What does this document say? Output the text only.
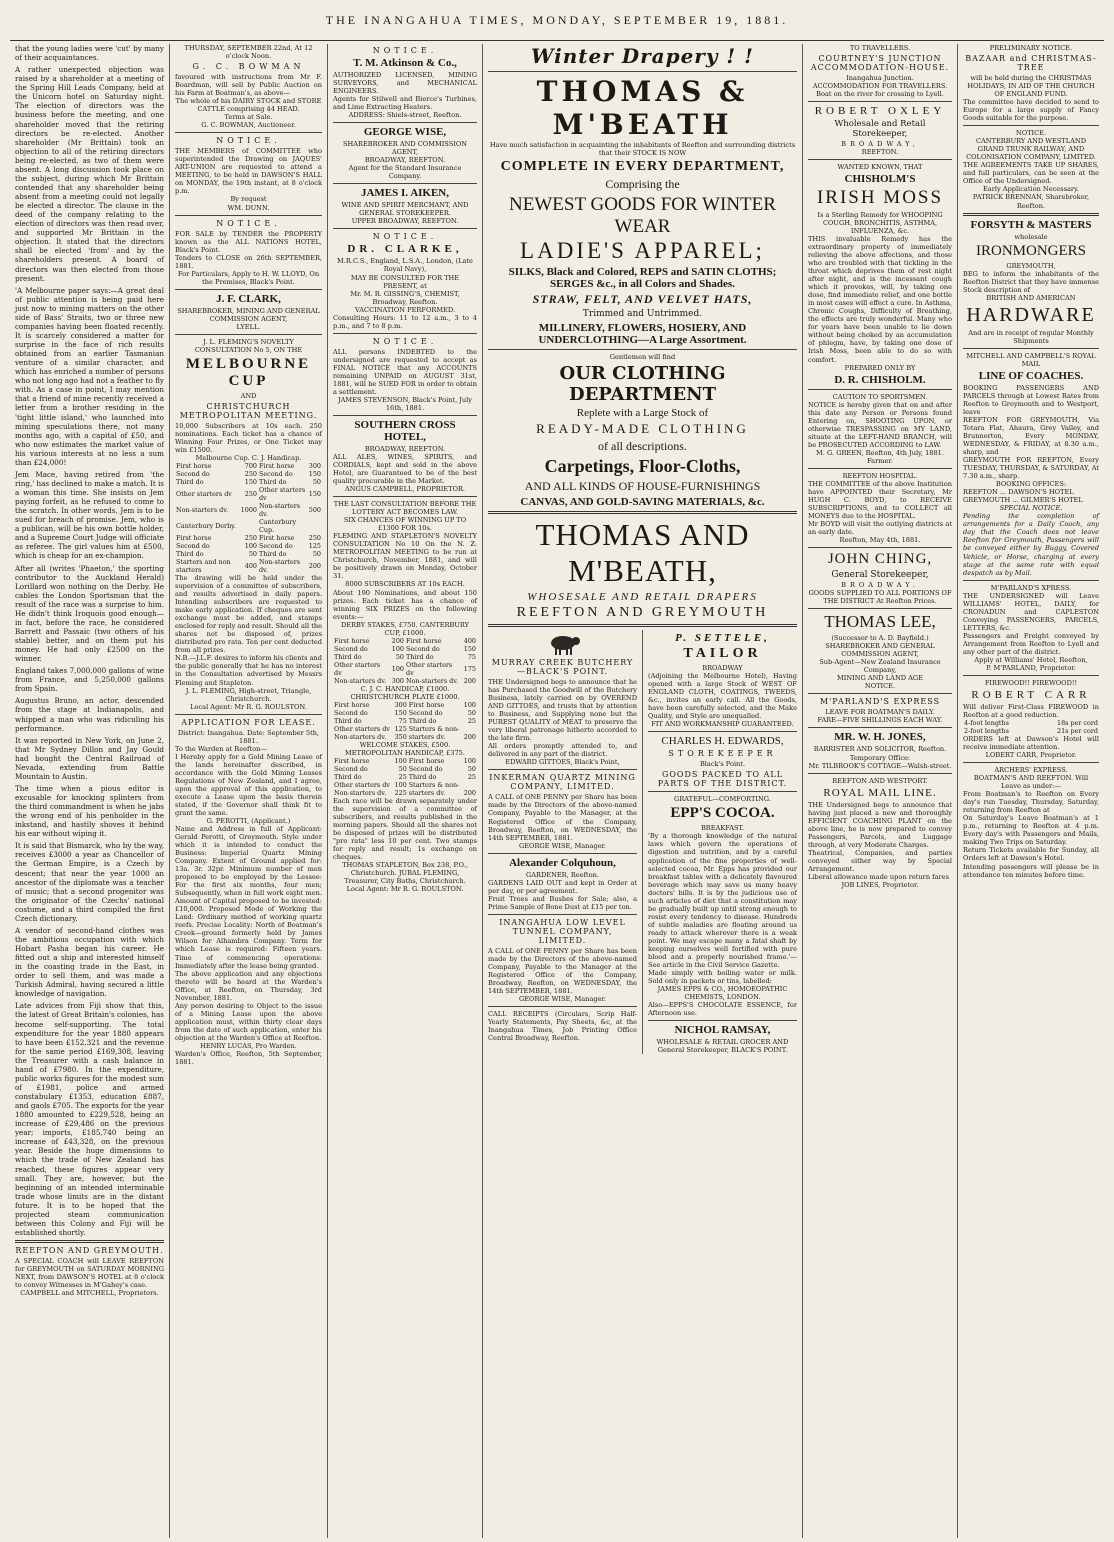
THE INANGAHUA TIMES, MONDAY, SEPTEMBER 19, 1881.

that the young ladies were 'cut' by many of their acquaintances.

A rather unexpected objection was raised by a shareholder at a meeting of the Spring Hill Leads Company, held at the Unicorn hotel on Saturday night. The election of directors was the business before the meeting, and one shareholder moved that the retiring directors be re-elected. Another shareholder (Mr Brittain) took an objection to all of the retiring directors being re-elected, as two of them were absent. A long discussion took place on the subject, during which Mr Brittain contended that any shareholder being absent from a meeting could not legally be elected a director. The clause in the deed of the company relating to the election of directors was then read over, and supported Mr Brittain in the objection. It stated that the directors shall be elected 'from' and by the shareholders present. A board of directors was then elected from those present.

'A Melbourne paper says:—A great deal of public attention is being paid here just now to mining matters on the other side of Bass' Straits, two or three new companies having been floated recently. It is scarcely considered a matter for surprise in the face of rich results obtained from an earlier Tasmanian venture of a similar character, and which has enriched a number of persons who not long ago had not a feather to fly with. As a case in point, I may mention that a friend of mine recently received a letter from a brother residing in the 'tight little island,' who launched into mining speculations there, not many months ago, with a capital of £50, and who now estimates the market value of his various interests at no less a sum than £24,000!

Jem Mace, having retired from 'the ring,' has declined to make a match. It is a woman this time. She insists on Jem paying forfeit, as he refused to come to the scratch. In other words, Jem is to be sued for breach of promise. Jem, who is a publican, will be his own bottle holder, and a Supreme Court Judge will officiate as referee. The girl values him at £500, which is cheap for an ex-champion.

After all (writes 'Phaeton,' the sporting contributor to the Auckland Herald) Lorillard won nothing on the Derby. He cables the London Sportsman that the result of the race was a surprise to him. He didn't think Iroquois good enough—in fact, before the race, he considered Barrett and Passaic (two others of his stable) better, and on them put his money. He had only £2500 on the winner.

England takes 7,000,000 gallons of wine from France, and 5,250,000 gallons from Spain.

Augustus Bruno, an actor, descended from the stage at Indianapolis, and whipped a man who was ridiculing his performance.

It was reported in New York, on June 2, that Mr Sydney Dillon and Jay Gould had bought the Central Railroad of Nevada, extending from Battle Mountain to Austin.

The time when a pious editor is excusable for knocking splinters from the third commandment is when he jabs the wrong end of his penholder in the inkstand, and hastily shoves it behind his ear without wiping it.

It is said that Bismarck, who by the way, receives £3000 a year as Chancellor of the German Empire, is a Czech by descent; that near the year 1000 an ancestor of the diplomate was a teacher of music; that a second progenitor was the originator of the Czechs' national costume, and a third compiled the first Czech dictionary.

A vendor of second-hand clothes was the ambitious occupation with which Hobart Pasha began his career. He fitted out a ship and interested himself in the coasting trade in the East, in order to sell them, and was made a Turkish Admiral, having secured a little knowledge of navigation.

Late advices from Fiji show that this, the latest of Great Britain's colonies, has become self-supporting. The total expenditure for the year 1880 appears to have been £152,321 and the revenue for the same period £169,308, leaving the Treasurer with a cash balance in hand of £7980. In the expenditure, public works figures for the modest sum of £1981, police and armed constabulary £1353, education £887, and gaols £705. The exports for the year 1880 amounted to £229,528, being an increase of £29,486 on the previous year; imports, £185,740 being an increase of £43,328, on the previous year. Beside the huge dimensions to which the trade of New Zealand has reached, these figures appear very small. They are, however, but the beginning of an intended interminable trade whose limits are in the distant future. It is to be hoped that the projected steam communication between this Colony and Fiji will be established shortly.

REEFTON AND GREYMOUTH.

A SPECIAL COACH will LEAVE REEFTON for GREYMOUTH on SATURDAY MORNING NEXT, from DAWSON'S HOTEL at 8 o'clock to convey Witnesses in M'Gahey's case.

CAMPBELL and MITCHELL, Proprietors.

THURSDAY, SEPTEMBER 22nd, At 12 o'clock Noon.

G. C. BOWMAN

favoured with instructions from Mr F. Boardman, will sell by Public Auction on his Farm at Boatman's, as above—

The whole of his DAIRY STOCK and STORE CATTLE comprising 44 HEAD.

Terms at Sale.

G. C. BOWMAN, Auctioneer.

NOTICE.

THE MEMBERS of COMMITTEE who superintended the Drawing on JAQUES' ART-UNION are requested to attend a MEETING, to be held in DAWSON'S HALL on MONDAY, the 19th instant, at 8 o'clock p.m.

By request

WM. DUNN.

NOTICE.

FOR SALE by TENDER the PROPERTY known as the ALL NATIONS HOTEL, Black's Point.

Tenders to CLOSE on 26th SEPTEMBER, 1881.

For Particulars, Apply to H. W. LLOYD, On the Premises, Black's Point.

J. F. CLARK,

SHAREBROKER, MINING AND GENERAL COMMISSION AGENT,

LYELL.

J. L. FLEMING'S NOVELTY CONSULTATION No 5, ON THE

MELBOURNE CUP

AND

CHRISTCHURCH METROPOLITAN MEETING.

10,000 Subscribers at 10s each. 250 nominations. Each ticket has a chance of Winning Four Prizes, or One Ticket may win £1500.

Melbourne Cup. C. J. Handicap.

First horse	700	First horse	300
Second do	250	Second do	150
Third do	150	Third do	50
Other starters dv	250	Other starters dv	150
Non-starters dv.	1000	Non-starters dv.	500
Canterbury Derby.		Canterbury Cup.	
First horse	250	First horse	250
Second do	100	Second do	125
Third do	50	Third do	50
Starters and non starters	400	Non-starters dv.	200

The drawing will be held under the supervision of a committee of subscribers, and results advertised in daily papers. Intending subscribers are requested to make early application. If cheques are sent exchange must be added, and stamps enclosed for reply and result. Should all the shares not be disposed of, prizes distributed pro rata. Ten per cent deducted from all prizes.

N.B.—J.L.F. desires to inform his clients and the public generally that he has no interest in the Consultation advertised by Messrs Fleming and Stapleton.

J. L. FLEMING, High-street, Triangle, Christchurch.

Local Agent: Mr R. G. ROULSTON.

APPLICATION FOR LEASE.

District: Inangahua. Date: September 5th, 1881.

To the Warden at Reefton—

I Hereby apply for a Gold Mining Lease of the lands hereinafter described, in accordance with the Gold Mining Leases Regulations of New Zealand, and I agree, upon the approval of this application, to execute a Lease upon the basis therein stated, if the Governor shall think fit to grant the same.

G. PEROTTI, (Applicant.)

Name and Address in full of Applicant: Gerald Perotti, of Greymouth. Style under which it is intended to conduct the Business: Imperial Quartz Mining Company. Extent of Ground applied for: 13a. 3r. 32pr. Minimum number of men proposed to be employed by the Lessee: For the first six months, four men; Subsequently, when in full work eight men. Amount of Capital proposed to be invested: £10,000. Proposed Mode of Working the Land: Ordinary method of working quartz reefs. Precise Locality: North of Boatman's Creek—ground formerly held by James Wilson for Alhambra Company. Term for which Lease is required: Fifteen years. Time of commencing operations: Immediately after the lease being granted.

The above application and any objections thereto will be heard at the Warden's Office, at Reefton, on Thursday, 3rd November, 1881.

Any person desiring to Object to the issue of a Mining Lease upon the above application must, within thirty clear days from the date of such application, enter his objection at the Warden's Office at Reefton.

HENRY LUCAS, Pro Warden.

Warden's Office, Reefton, 5th September, 1881.

NOTICE.

T. M. Atkinson & Co.,

AUTHORIZED LICENSED, MINING SURVEYORS, and MECHANICAL ENGINEERS.

Agents for Stilwell and Bierce's Turbines, and Lime Extracting Heaters.

ADDRESS: Shiels-street, Reefton.

GEORGE WISE,

SHAREBROKER AND COMMISSION AGENT,

BROADWAY, REEFTON.

Agent for the Standard Insurance Company.

JAMES I. AIKEN,

WINE AND SPIRIT MERCHANT, AND GENERAL STOREKEEPER.

UPPER BROADWAY, REEFTON.

NOTICE.

DR. CLARKE,

M.R.C.S., England, L.S.A., London, (Late Royal Navy),

MAY BE CONSULTED FOR THE PRESENT, at

Mr. M. R. GISSING'S, CHEMIST, Broadway, Reefton.

VACCINATION PERFORMED.

Consulting Hours: 11 to 12 a.m., 3 to 4 p.m., and 7 to 8 p.m.

NOTICE.

ALL persons INDEBTED to the undersigned are requested to accept as FINAL NOTICE that any ACCOUNTS remaining UNPAID on AUGUST 31st, 1881, will be SUED FOR in order to obtain a settlement.

JAMES STEVENSON, Black's Point, July 16th, 1881.

SOUTHERN CROSS HOTEL,

BROADWAY, REEFTON.

ALL ALES, WINES, SPIRITS, and CORDIALS, kept and sold in the above Hotel, are Guaranteed to be of the best quality procurable in the Market.

ANGUS CAMPBELL, PROPRIETOR.

THE LAST CONSULTATION BEFORE THE LOTTERY ACT BECOMES LAW.

SIX CHANCES OF WINNING UP TO £1300 FOR 10s.

FLEMING AND STAPLETON'S NOVELTY CONSULTATION No 10 On the N. Z. METROPOLITAN MEETING to be run at Christchurch, November, 1881, and will be positively drawn on Monday, October 31.

8000 SUBSCRIBERS AT 10s EACH.

About 190 Nominations, and about 150 prizes. Each ticket has a chance of winning SIX PRIZES on the following events:—

DERBY STAKES, £750. CANTERBURY CUP, £1000.

First horse	200	First horse	400
Second do	100	Second do	150
Third do	50	Third do	75
Other starters dv	100	Other starters dv	175
Non-starters dv.	300	Non-starters dv.	200

C. J. C. HANDICAP, £1000. CHRISTCHURCH PLATE £1000.

First horse	300	First horse	100
Second do	150	Second do	50
Third do	75	Third do	25
Other starters dv	125	Starters & non-	
Non-starters dv.	350	starters dv.	200

WELCOME STAKES, £500. METROPOLITAN HANDICAP, £375.

First horse	100	First horse	100
Second do	50	Second do	50
Third do	25	Third do	25
Other starters dv	100	Starters & non-	
Non-starters dv.	225	starters dv.	200

Each race will be drawn separately under the supervision of a committee of subscribers, and results published in the morning papers. Should all the shares not be disposed of prizes will be distributed "pro rata" less 10 per cent. Two stamps for reply and result; 1s exchange on cheques.

THOMAS STAPLETON, Box 238, P.O., Christchurch. JUBAL FLEMING, Treasurer, City Baths, Christchurch.

Local Agent: Mr R. G. ROULSTON.

Winter Drapery ! !

THOMAS & M'BEATH

Have much satisfaction in acquainting the inhabitants of Reefton and surrounding districts that their STOCK IS NOW

COMPLETE IN EVERY DEPARTMENT,

Comprising the

NEWEST GOODS FOR WINTER WEAR

LADIE'S APPAREL;

SILKS, Black and Colored, REPS and SATIN CLOTHS; SERGES &c., in all Colors and Shades.

STRAW, FELT, AND VELVET HATS,

Trimmed and Untrimmed.

MILLINERY, FLOWERS, HOSIERY, AND UNDERCLOTHING—A Large Assortment.

Gentlemen will find

OUR CLOTHING DEPARTMENT

Replete with a Large Stock of

READY-MADE CLOTHING

of all descriptions.

Carpetings, Floor-Cloths,

AND ALL KINDS OF HOUSE-FURNISHINGS

CANVAS, AND GOLD-SAVING MATERIALS, &c.

THOMAS AND M'BEATH,

WHOSESALE AND RETAIL DRAPERS

REEFTON AND GREYMOUTH

MURRAY CREEK BUTCHERY—BLACK'S POINT.

THE Undersigned begs to announce that he has Purchased the Goodwill of the Butchery Business, lately carried on by OVEREND AND GITTOES, and trusts that by attention to Business, and Supplying none but the PUREST QUALITY of MEAT to preserve the very liberal patronage hitherto accorded to the late firm.

All orders promptly attended to, and delivered in any part of the district.

EDWARD GITTOES, Black's Point,

INKERMAN QUARTZ MINING COMPANY, LIMITED.

A CALL of ONE PENNY per Share has been made by the Directors of the above-named Company, Payable to the Manager, at the Registered Office of the Company, Broadway, Reefton, on WEDNESDAY, the 14th SEPTEMBER, 1881.

GEORGE WISE, Manager.

Alexander Colquhoun,

GARDENER, Reefton.

GARDENS LAID OUT and kept in Order at per day, or per agreement.

Fruit Trees and Bushes for Sale; also, a Prime Sample of Bone Dust at £15 per ton.

INANGAHUA LOW LEVEL TUNNEL COMPANY, LIMITED.

A CALL of ONE PENNY per Share has been made by the Directors of the above-named Company, Payable to the Manager at the Registered Office of the Company, Broadway, Reefton, on WEDNESDAY, the 14th SEPTEMBER, 1881.

GEORGE WISE, Manager.

CALL RECEIPTS (Circulars, Scrip Half-Yearly Statements, Pay Sheets, &c, at the Inangahua Times, Job Printing Office Central Broadway, Reefton.

P. SETTELE,

TAILOR

BROADWAY

(Adjoining the Melbourne Hotel), Having opened with a large Stock of WEST OF ENGLAND CLOTH, COATINGS, TWEEDS, &c., invites an early call. All the Goods, have been carefully selected, and the Make Quality, and Style are unequalled.

FIT AND WORKMANSHIP GUARANTEED.

CHARLES H. EDWARDS,

STOREKEEPER

Black's Point.

GOODS PACKED TO ALL PARTS OF THE DISTRICT.

GRATEFUL—COMFORTING.

EPP'S COCOA.

BREAKFAST.

'By a thorough knowledge of the natural laws which govern the operations of digestion and nutrition, and by a careful application of the fine properties of well-selected cocoa, Mr. Epps has provided our breakfast tables with a delicately flavoured beverage which may save us many heavy doctors' bills. It is by the judicious use of such articles of diet that a constitution may be gradually built up until strong enough to resist every tendency to disease. Hundreds of subtle maladies are floating around us ready to attack wherever there is a weak point. We may escape many a fatal shaft by keeping ourselves well fortified with pure blood and a properly nourished frame.'—See article in the Civil Service Gazette.

Made simply with boiling water or milk. Sold only in packets or tins, labelled:

JAMES EPPS & CO., HOMOEOPATHIC CHEMISTS, LONDON.

Also—EPPS'S CHOCOLATE ESSENCE, for Afternoon use.

NICHOL RAMSAY,

WHOLESALE & RETAIL GROCER AND General Storekeeper, BLACK'S POINT.

TO TRAVELLERS.

COURTNEY'S JUNCTION ACCOMMODATION-HOUSE.

Inangahua Junction.

ACCOMMODATION FOR TRAVELLERS.

Boat on the river for crossing to Lyell.

ROBERT OXLEY

Wholesale and Retail Storekeeper,

BROADWAY,

REEFTON.

WANTED KNOWN, THAT

CHISHOLM'S

IRISH MOSS

Is a Sterling Remedy for WHOOPING COUGH, BRONCHITIS, ASTHMA, INFLUENZA, &c.

THIS invaluable Remedy has the extraordinary property of immediately relieving the above affections, and those who are troubled with that tickling in the throat which deprives them of rest night after night, and is the incessant cough which it provokes, will, by taking one dose, find immediate relief, and one bottle in most cases will effect a cure. In Asthma, Chronic Coughs, Difficulty of Breathing, the effects are truly wonderful. Many who for years have been unable to lie down without being choked by an accumulation of phlegm, have, by taking one dose of Irish Moss, been able to do so with comfort.

PREPARED ONLY BY

D. R. CHISHOLM.

CAUTION TO SPORTSMEN.

NOTICE is hereby given that on and after this date any Person or Persons found Entering on, SHOOTING UPON, or otherwise TRESPASSING on MY LAND, situate at the LEFT-HAND BRANCH, will be PROSECUTED ACCORDING to LAW.

M. G. GREEN, Reefton, 4th July, 1881. Farmer.

REEFTON HOSPITAL.

THE COMMITTEE of the above Institution have APPOINTED their Secretary, Mr HUGH C. BOYD, to RECEIVE SUBSCRIPTIONS, and to COLLECT all MONEYS due to the HOSPITAL.

Mr BOYD will visit the outlying districts at an early date.

Reefton, May 4th, 1881.

JOHN CHING,

General Storekeeper,

BROADWAY.

GOODS SUPPLIED TO ALL PORTIONS OF THE DISTRICT At Reefton Prices.

THOMAS LEE,

(Successor to A. D. Bayfield.)

SHAREBROKER AND GENERAL COMMISSION AGENT,

Sub-Agent—New Zealand Insurance Company,

MINING AND LAND AGE

NOTICE.

M'PARLAND'S EXPRESS

LEAVE FOR BOATMAN'S DAILY.

FARE—FIVE SHILLINGS EACH WAY.

MR. W. H. JONES,

BARRISTER AND SOLICITOR, Reefton.

Temporary Office:

Mr. TILBROOK'S COTTAGE—Walsh-street.

REEFTON AND WESTPORT.

ROYAL MAIL LINE.

THE Undersigned begs to announce that having just placed a new and thoroughly EFFICIENT COACHING PLANT on the above line, he is now prepared to convey Passengers, Parcels, and Luggage through, at very Moderate Charges.

Theatrical, Companies, and parties conveyed either way by Special Arrangement.

Liberal allowance made upon return fares

JOB LINES, Proprietor.

PRELIMINARY NOTICE.

BAZAAR and CHRISTMAS-TREE

will be held during the CHRISTMAS HOLIDAYS, IN AID OF THE CHURCH OF ENGLAND FUND.

The committee have decided to send to Europe for a large supply of Fancy Goods suitable for the purpose.

NOTICE.

CANTERBURY AND WESTLAND GRAND TRUNK RAILWAY, AND COLONISATION COMPANY, LIMITED.

THE AGREEMENTS TAKE UP SHARES, and full particulars, can be seen at the Office of the Undersigned.

Early Application Necessary.

PATRICK BRENNAN, Sharebroker, Reefton.

FORSYTH & MASTERS

wholesale

IRONMONGERS

GREYMOUTH,

BEG to inform the inhabitants of the Reefton District that they have immense Stock description of

BRITISH AND AMERICAN

HARDWARE

And are in receipt of regular Monthly Shipments

MITCHELL AND CAMPBELL'S ROYAL MAIL

LINE OF COACHES.

BOOKING PASSENGERS AND PARCELS through at Lowest Rates from Reefton to Greymouth and to Westport, leave

REEFTON FOR GREYMOUTH, Via Totara Flat, Ahaura, Grey Valley, and Brunnerton, Every MONDAY, WEDNESDAY, & FRIDAY, at 8.30 a.m., sharp, and

GREYMOUTH FOR REEFTON, Every TUESDAY, THURSDAY, & SATURDAY, At 7.30 a.m., sharp.

BOOKING OFFICES:

REEFTON ... DAWSON'S HOTEL

GREYMOUTH ... GILMER'S HOTEL

SPECIAL NOTICE.

Pending the completion of arrangements for a Daily Coach, any day that the Coach does not leave Reefton for Greymouth, Passengers will be conveyed either by Buggy, Covered Vehicle, or Horse, charging at every stage at the same rate with equal despatch as by Mail.

M'PARLAND'S XPRESS.

THE UNDERSIGNED will Leave WILLIAMS' HOTEL, DAILY, for CRONADUN and CAPLESTON Conveying PASSENGERS, PARCELS, LETTERS, &c.

Passengers and Freight conveyed by Arrangement from Reefton to Lyell and any other part of the district.

Apply at Williams' Hotel, Reefton,

P. M'PARLAND, Proprietor.

FIREWOOD!! FIREWOOD!!

ROBERT CARR

Will deliver First-Class FIREWOOD in Reefton at a good reduction.

4-foot lengths	18s per cord
2-foot lengths	21s per cord

ORDERS left at Dawson's Hotel will receive immediate attention.

LOBERT CARR, Proprietor.

ARCHERS' EXPRESS.

BOATMAN'S AND REEFTON. Will Leave as under:—

From Boatman's to Reefton on Every day's run Tuesday, Thursday, Saturday, returning from Reefton at

On Saturday's Leave Boatman's at 1 p.m., returning to Reefton at 4 p.m. Every day's with Passengers and Mails, making Two Trips on Saturday.

Return Tickets available for Sunday, all Orders left at Dawson's Hotel.

Intending passengers will please be in attendance ten minutes before time.
